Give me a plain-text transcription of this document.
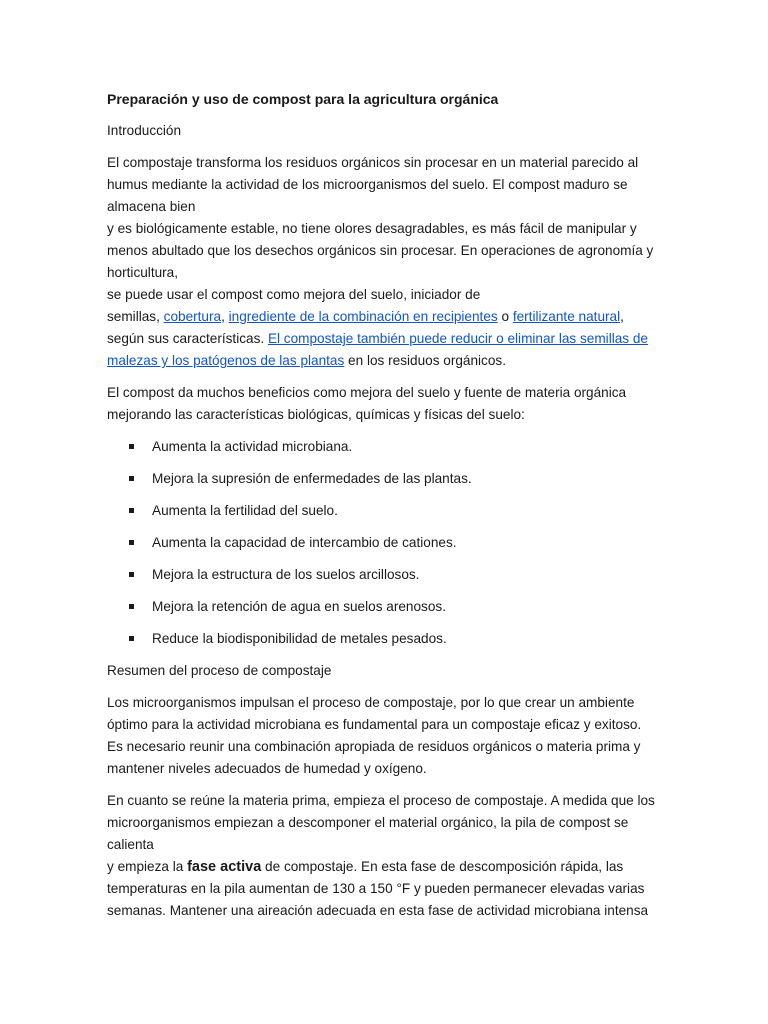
Preparación y uso de compost para la agricultura orgánica
Introducción

El compostaje transforma los residuos orgánicos sin procesar en un material parecido al
humus mediante la actividad de los microorganismos del suelo. El compost maduro se
almacena bien
y es biológicamente estable, no tiene olores desagradables, es más fácil de manipular y
menos abultado que los desechos orgánicos sin procesar. En operaciones de agronomía y
horticultura,
se puede usar el compost como mejora del suelo, iniciador de
semillas, cobertura, ingrediente de la combinación en recipientes o fertilizante natural,
según sus características. El compostaje también puede reducir o eliminar las semillas de malezas y los patógenos de las plantas en los residuos orgánicos.

El compost da muchos beneficios como mejora del suelo y fuente de materia orgánica
mejorando las características biológicas, químicas y físicas del suelo:

Aumenta la actividad microbiana.
Mejora la supresión de enfermedades de las plantas.
Aumenta la fertilidad del suelo.
Aumenta la capacidad de intercambio de cationes.
Mejora la estructura de los suelos arcillosos.
Mejora la retención de agua en suelos arenosos.
Reduce la biodisponibilidad de metales pesados.
Resumen del proceso de compostaje

Los microorganismos impulsan el proceso de compostaje, por lo que crear un ambiente
óptimo para la actividad microbiana es fundamental para un compostaje eficaz y exitoso.
Es necesario reunir una combinación apropiada de residuos orgánicos o materia prima y
mantener niveles adecuados de humedad y oxígeno.

En cuanto se reúne la materia prima, empieza el proceso de compostaje. A medida que los
microorganismos empiezan a descomponer el material orgánico, la pila de compost se
calienta
y empieza la fase activa de compostaje. En esta fase de descomposición rápida, las
temperaturas en la pila aumentan de 130 a 150 °F y pueden permanecer elevadas varias
semanas. Mantener una aireación adecuada en esta fase de actividad microbiana intensa
